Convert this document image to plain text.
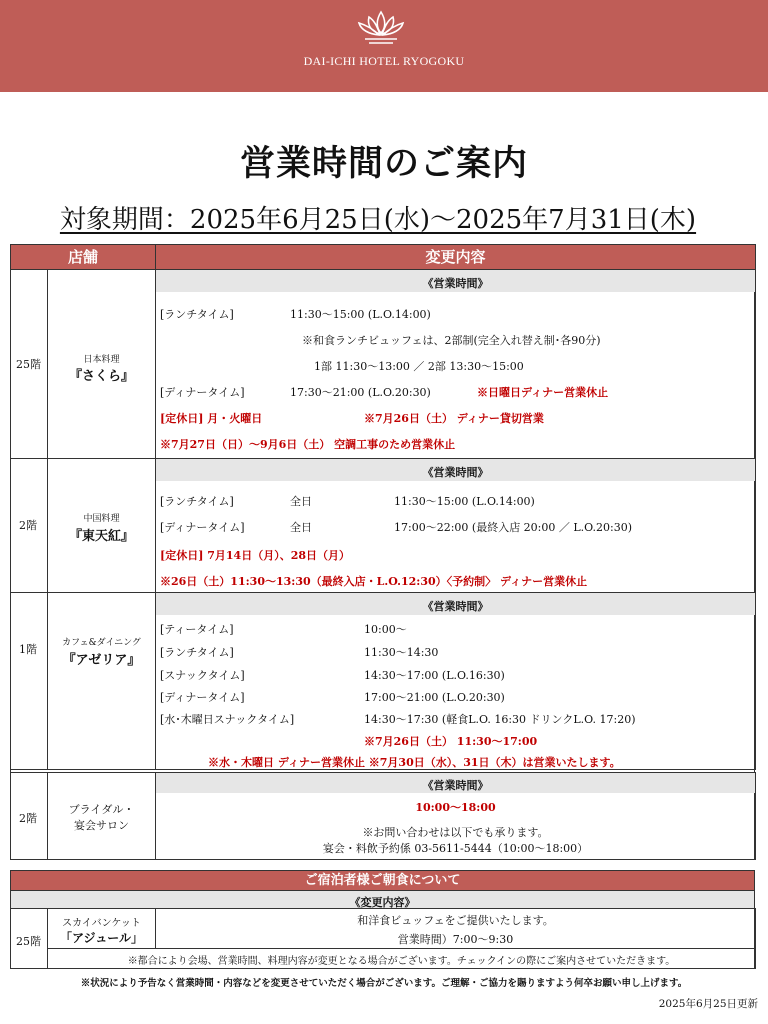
DAI-ICHI HOTEL RYOGOKU
営業時間のご案内
対象期間：2025年6月25日(水)～2025年7月31日(木)
店舗	変更内容
25階	日本料理
『さくら』
《営業時間》
[ランチタイム]	11:30～15:00 (L.O.14:00)
※和食ランチビュッフェは、2部制(完全入れ替え制･各90分)
1部 11:30～13:00 ／ 2部 13:30～15:00
[ディナータイム]	17:30～21:00 (L.O.20:30)	※日曜日ディナー営業休止
[定休日] 月・火曜日	※7月26日（土） ディナー貸切営業
※7月27日（日）～9月6日（土） 空調工事のため営業休止
2階	中国料理
『東天紅』
《営業時間》
[ランチタイム]	全日	11:30～15:00 (L.O.14:00)
[ディナータイム]	全日	17:00～22:00 (最終入店 20:00 ／ L.O.20:30)
[定休日] 7月14日（月）、28日（月）
※26日（土）11:30～13:30（最終入店・L.O.12:30）〈予約制〉 ディナー営業休止
1階	カフェ&ダイニング
『アゼリア』
《営業時間》
[ティータイム]	10:00～
[ランチタイム]	11:30～14:30
[スナックタイム]	14:30～17:00 (L.O.16:30)
[ディナータイム]	17:00～21:00 (L.O.20:30)
[水･木曜日スナックタイム]	14:30～17:30 (軽食L.O. 16:30 ドリンクL.O. 17:20)
※7月26日（土） 11:30～17:00
※水・木曜日 ディナー営業休止 ※7月30日（水）、31日（木）は営業いたします。
2階
ブライダル・
宴会サロン
《営業時間》
10:00～18:00
※お問い合わせは以下でも承ります。
宴会・料飲予約係 03-5611-5444（10:00～18:00）
ご宿泊者様ご朝食について
《変更内容》
25階
スカイバンケット
「アジュール」
和洋食ビュッフェをご提供いたします。
営業時間）7:00～9:30
※都合により会場、営業時間、料理内容が変更となる場合がございます。チェックインの際にご案内させていただきます。
※状況により予告なく営業時間・内容などを変更させていただく場合がございます。ご理解・ご協力を賜りますよう何卒お願い申し上げます。
2025年6月25日更新
